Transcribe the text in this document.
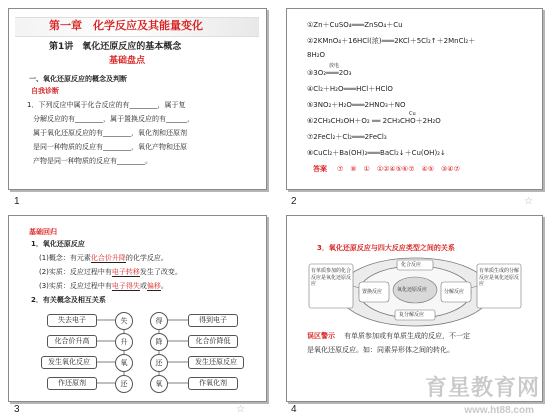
第一章　化学反应及其能量变化
第1讲　氧化还原反应的基本概念
基础盘点
一、氧化还原反应的概念及判断
自我诊断
1．下列反应中属于化合反应的有________，属于复
分解反应的有________，属于置换反应的有______，
属于氧化还原反应的有________，氧化剂和还原剂
是同一种物质的反应有________，氧化产物和还原
产物是同一种物质的反应有________。
1
①Zn＋CuSO₄═══ZnSO₄＋Cu
②2KMnO₄＋16HCl(浓)═══2KCl＋5Cl₂↑＋2MnCl₂＋
8H₂O
放电
③3O₂═══2O₃
④Cl₂＋H₂O═══HCl＋HClO
⑤3NO₂＋H₂O═══2HNO₃＋NO
Cu
⑥2CH₃CH₂OH＋O₂ ══ 2CH₃CHO＋2H₂O
⑦2FeCl₂＋Cl₂═══2FeCl₃
⑧CuCl₂＋Ba(OH)₂═══BaCl₂↓＋Cu(OH)₂↓
答案 ⑦　⑧　①　①②④⑤⑥⑦　④⑤　③④⑦
2	☆
基础回归
1．氧化还原反应
(1)概念：有元素化合价升降的化学反应。
(2)实质：反应过程中有电子转移发生了改变。
(3)实质：反应过程中有电子得失或偏移。
2．有关概念及相互关系
失去电子
化合价升高
发生氧化反应
作还原剂
失
升
氧
还
得
降
还
氧
得到电子
化合价降低
发生还原反应
作氧化剂
3	☆
3．氧化还原反应与四大反应类型之间的关系
化合反应
置换反应	分解反应
氧化还原反应
复分解反应
有单质参加的化合反应是氧化还原反应
有单质生成的分解反应是氧化还原反应
误区警示 　有单质参加或有单质生成的反应，不一定
是氧化还原反应。如：同素异形体之间的转化。
4
育星教育网
www.ht88.com
